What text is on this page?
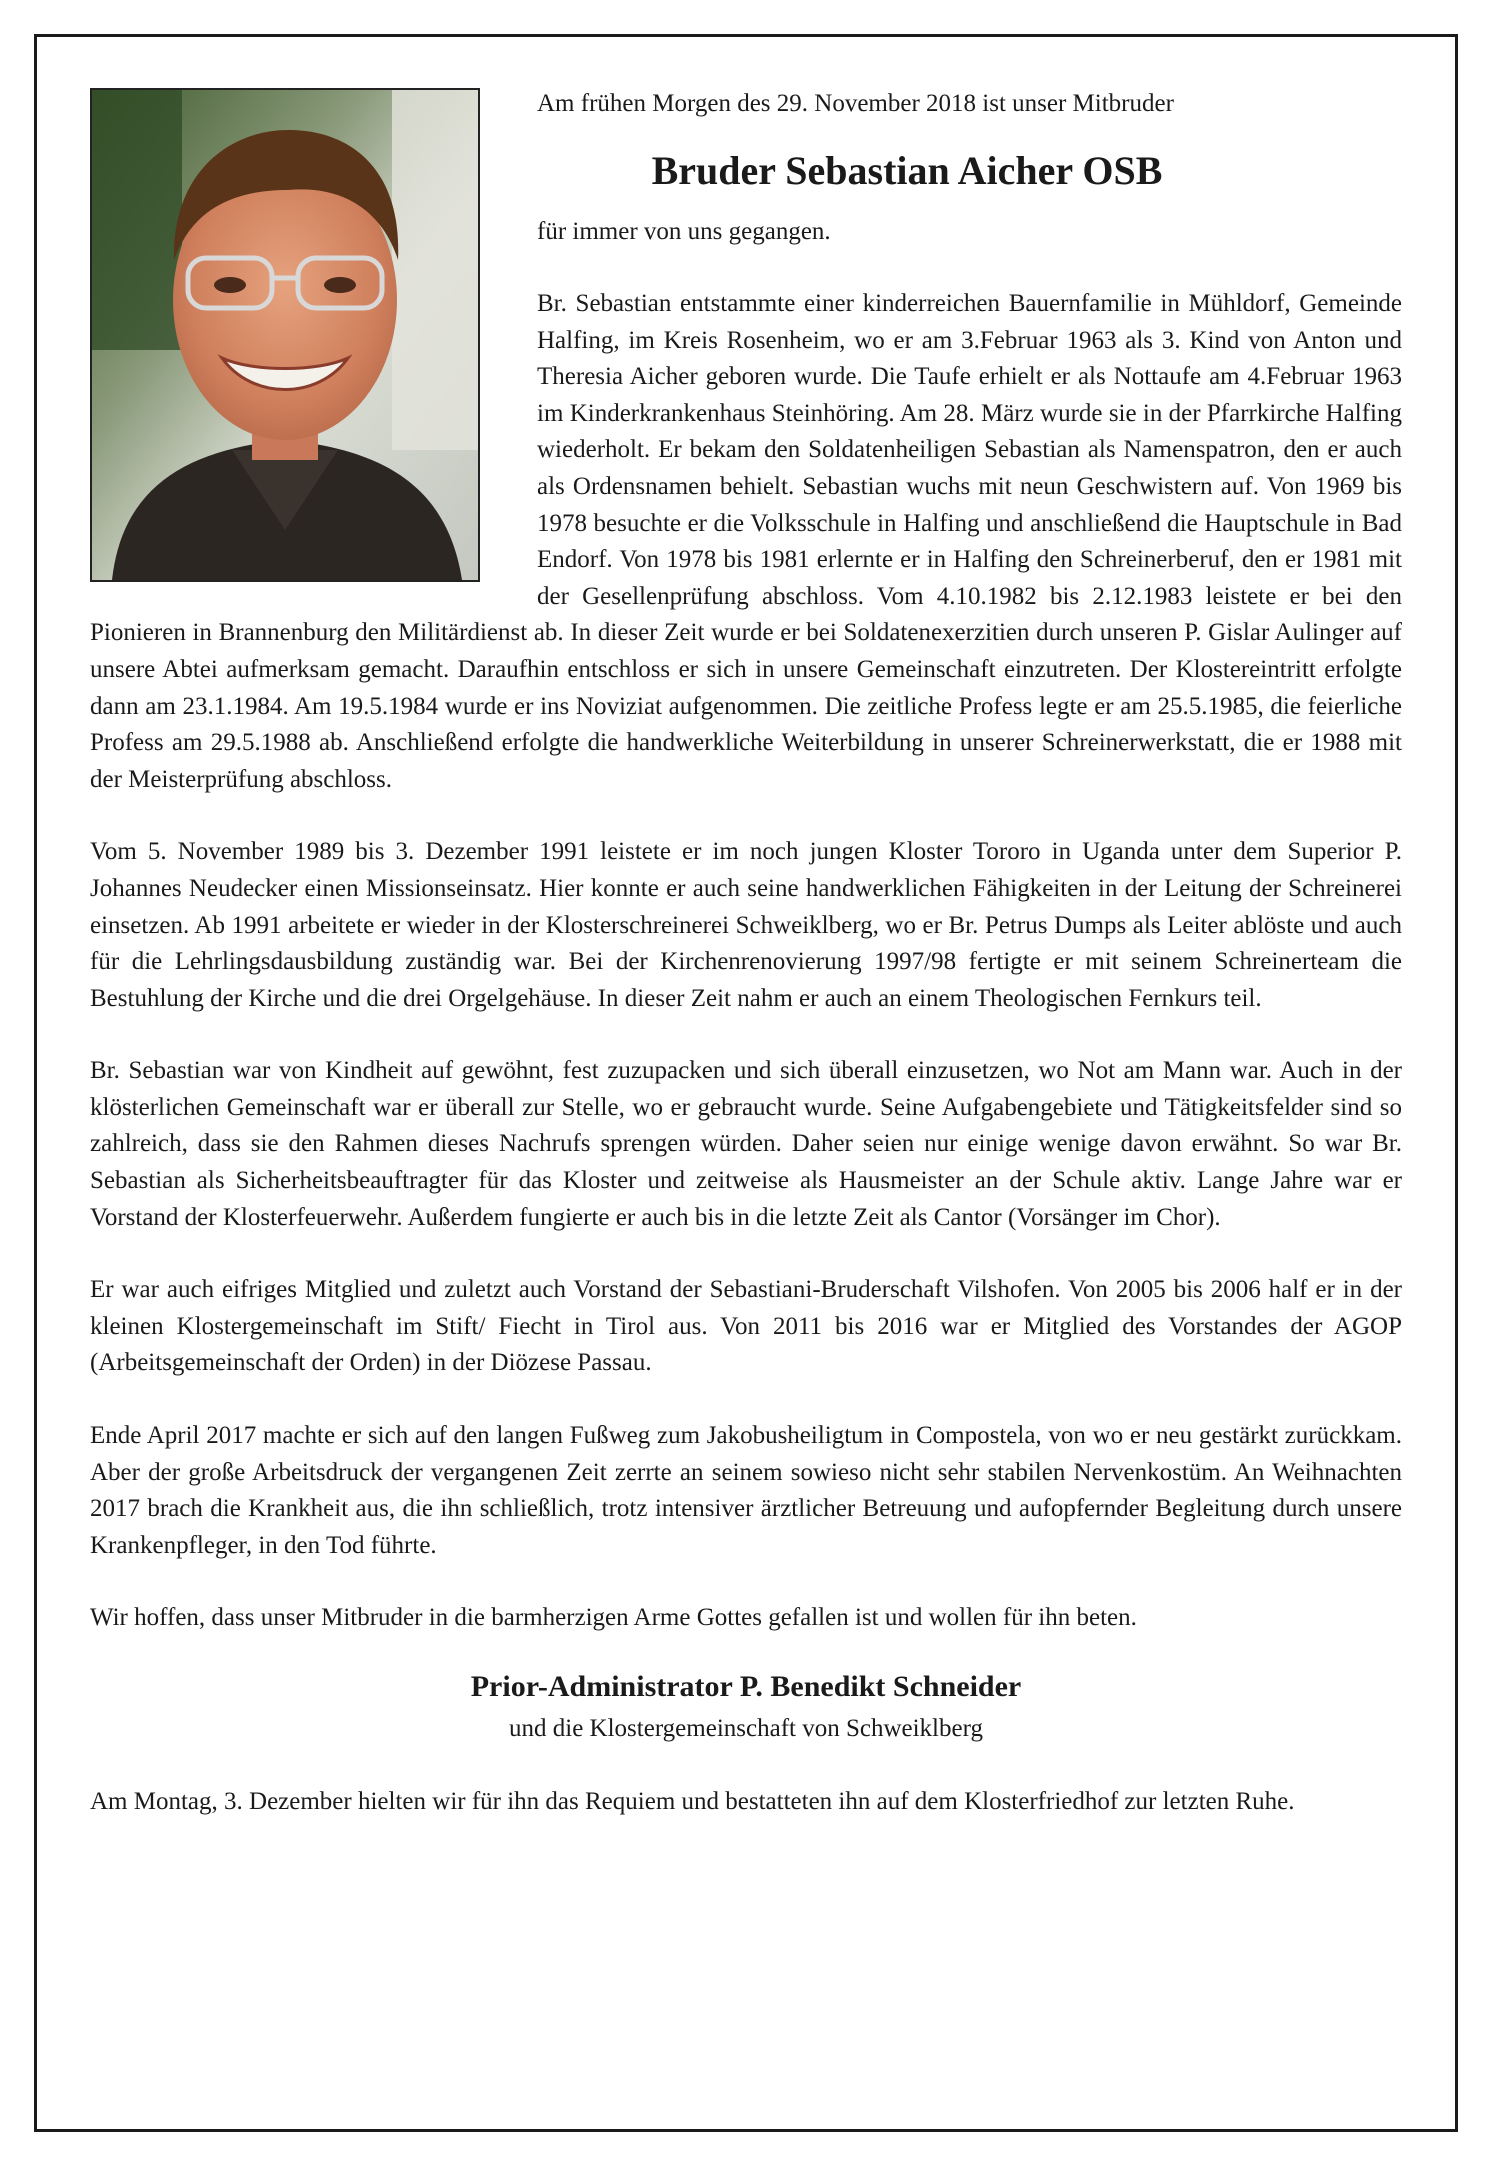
Am frühen Morgen des 29. November 2018 ist unser Mitbruder

Bruder Sebastian Aicher OSB

für immer von uns gegangen.

Br. Sebastian entstammte einer kinderreichen Bauernfamilie in Mühldorf, Gemeinde Halfing, im Kreis Rosenheim, wo er am 3.Februar 1963 als 3. Kind von Anton und Theresia Aicher geboren wurde. Die Taufe erhielt er als Nottaufe am 4.Februar 1963 im Kinderkrankenhaus Steinhöring. Am 28. März wurde sie in der Pfarrkirche Halfing wiederholt. Er bekam den Soldatenheiligen Sebastian als Namenspatron, den er auch als Ordensnamen behielt. Sebastian wuchs mit neun Geschwistern auf. Von 1969 bis 1978 besuchte er die Volksschule in Halfing und anschließend die Hauptschule in Bad Endorf. Von 1978 bis 1981 erlernte er in Halfing den Schreinerberuf, den er 1981 mit der Gesellenprüfung abschloss. Vom 4.10.1982 bis 2.12.1983 leistete er bei den Pionieren in Brannenburg den Militärdienst ab. In dieser Zeit wurde er bei Soldatenexerzitien durch unseren P. Gislar Aulinger auf unsere Abtei aufmerksam gemacht. Daraufhin entschloss er sich in unsere Gemeinschaft einzutreten. Der Klostereintritt erfolgte dann am 23.1.1984. Am 19.5.1984 wurde er ins Noviziat aufgenommen. Die zeitliche Profess legte er am 25.5.1985, die feierliche Profess am 29.5.1988 ab. Anschließend erfolgte die handwerkliche Weiterbildung in unserer Schreinerwerkstatt, die er 1988 mit der Meisterprüfung abschloss.

Vom 5. November 1989 bis 3. Dezember 1991 leistete er im noch jungen Kloster Tororo in Uganda unter dem Superior P. Johannes Neudecker einen Missionseinsatz. Hier konnte er auch seine handwerklichen Fähigkeiten in der Leitung der Schreinerei einsetzen. Ab 1991 arbeitete er wieder in der Klosterschreinerei Schweiklberg, wo er Br. Petrus Dumps als Leiter ablöste und auch für die Lehrlingsdausbildung zuständig war. Bei der Kirchenrenovierung 1997/98 fertigte er mit seinem Schreinerteam die Bestuhlung der Kirche und die drei Orgelgehäuse. In dieser Zeit nahm er auch an einem Theologischen Fernkurs teil.

Br. Sebastian war von Kindheit auf gewöhnt, fest zuzupacken und sich überall einzusetzen, wo Not am Mann war. Auch in der klösterlichen Gemeinschaft war er überall zur Stelle, wo er gebraucht wurde. Seine Aufgabengebiete und Tätigkeitsfelder sind so zahlreich, dass sie den Rahmen dieses Nachrufs sprengen würden. Daher seien nur einige wenige davon erwähnt. So war Br. Sebastian als Sicherheitsbeauftragter für das Kloster und zeitweise als Hausmeister an der Schule aktiv. Lange Jahre war er Vorstand der Klosterfeuerwehr. Außerdem fungierte er auch bis in die letzte Zeit als Cantor (Vorsänger im Chor).

Er war auch eifriges Mitglied und zuletzt auch Vorstand der Sebastiani-Bruderschaft Vilshofen. Von 2005 bis 2006 half er in der kleinen Klostergemeinschaft im Stift/ Fiecht in Tirol aus. Von 2011 bis 2016 war er Mitglied des Vorstandes der AGOP (Arbeitsgemeinschaft der Orden) in der Diözese Passau.

Ende April 2017 machte er sich auf den langen Fußweg zum Jakobusheiligtum in Compostela, von wo er neu gestärkt zurückkam. Aber der große Arbeitsdruck der vergangenen Zeit zerrte an seinem sowieso nicht sehr stabilen Nervenkostüm. An Weihnachten 2017 brach die Krankheit aus, die ihn schließlich, trotz intensiver ärztlicher Betreuung und aufopfernder Begleitung durch unsere Krankenpfleger, in den Tod führte.

Wir hoffen, dass unser Mitbruder in die barmherzigen Arme Gottes gefallen ist und wollen für ihn beten.

Prior-Administrator P. Benedikt Schneider

und die Klostergemeinschaft von Schweiklberg

Am Montag, 3. Dezember hielten wir für ihn das Requiem und bestatteten ihn auf dem Klosterfriedhof zur letzten Ruhe.
